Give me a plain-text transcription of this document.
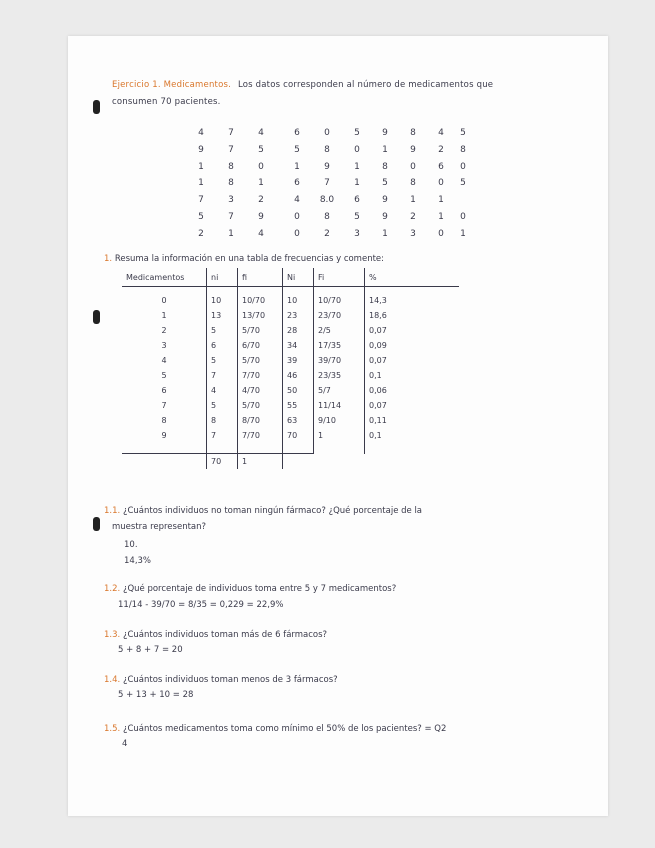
Ejercicio 1. Medicamentos. Los datos corresponden al número de medicamentos que
consumen 70 pacientes.
4	7	4	6	0	5	9	8	4	5
9	7	5	5	8	0	1	9	2	8
1	8	0	1	9	1	8	0	6	0
1	8	1	6	7	1	5	8	0	5
7	3	2	4	8.0	6	9	1	1
5	7	9	0	8	5	9	2	1	0
2	1	4	0	2	3	1	3	0	1
1. Resuma la información en una tabla de frecuencias y comente:
Medicamentos	ni	fi	Ni	Fi	%
0	10	10/70	10	10/70	14,3
1	13	13/70	23	23/70	18,6
2	5	5/70	28	2/5	0,07
3	6	6/70	34	17/35	0,09
4	5	5/70	39	39/70	0,07
5	7	7/70	46	23/35	0,1
6	4	4/70	50	5/7	0,06
7	5	5/70	55	11/14	0,07
8	8	8/70	63	9/10	0,11
9	7	7/70	70	1	0,1

	70	1			
1.1. ¿Cuántos individuos no toman ningún fármaco? ¿Qué porcentaje de la
muestra representan?
10.
14,3%
1.2. ¿Qué porcentaje de individuos toma entre 5 y 7 medicamentos?
11/14 - 39/70 = 8/35 = 0,229 = 22,9%
1.3. ¿Cuántos individuos toman más de 6 fármacos?
5 + 8 + 7 = 20
1.4. ¿Cuántos individuos toman menos de 3 fármacos?
5 + 13 + 10 = 28
1.5. ¿Cuántos medicamentos toma como mínimo el 50% de los pacientes? = Q2
4
